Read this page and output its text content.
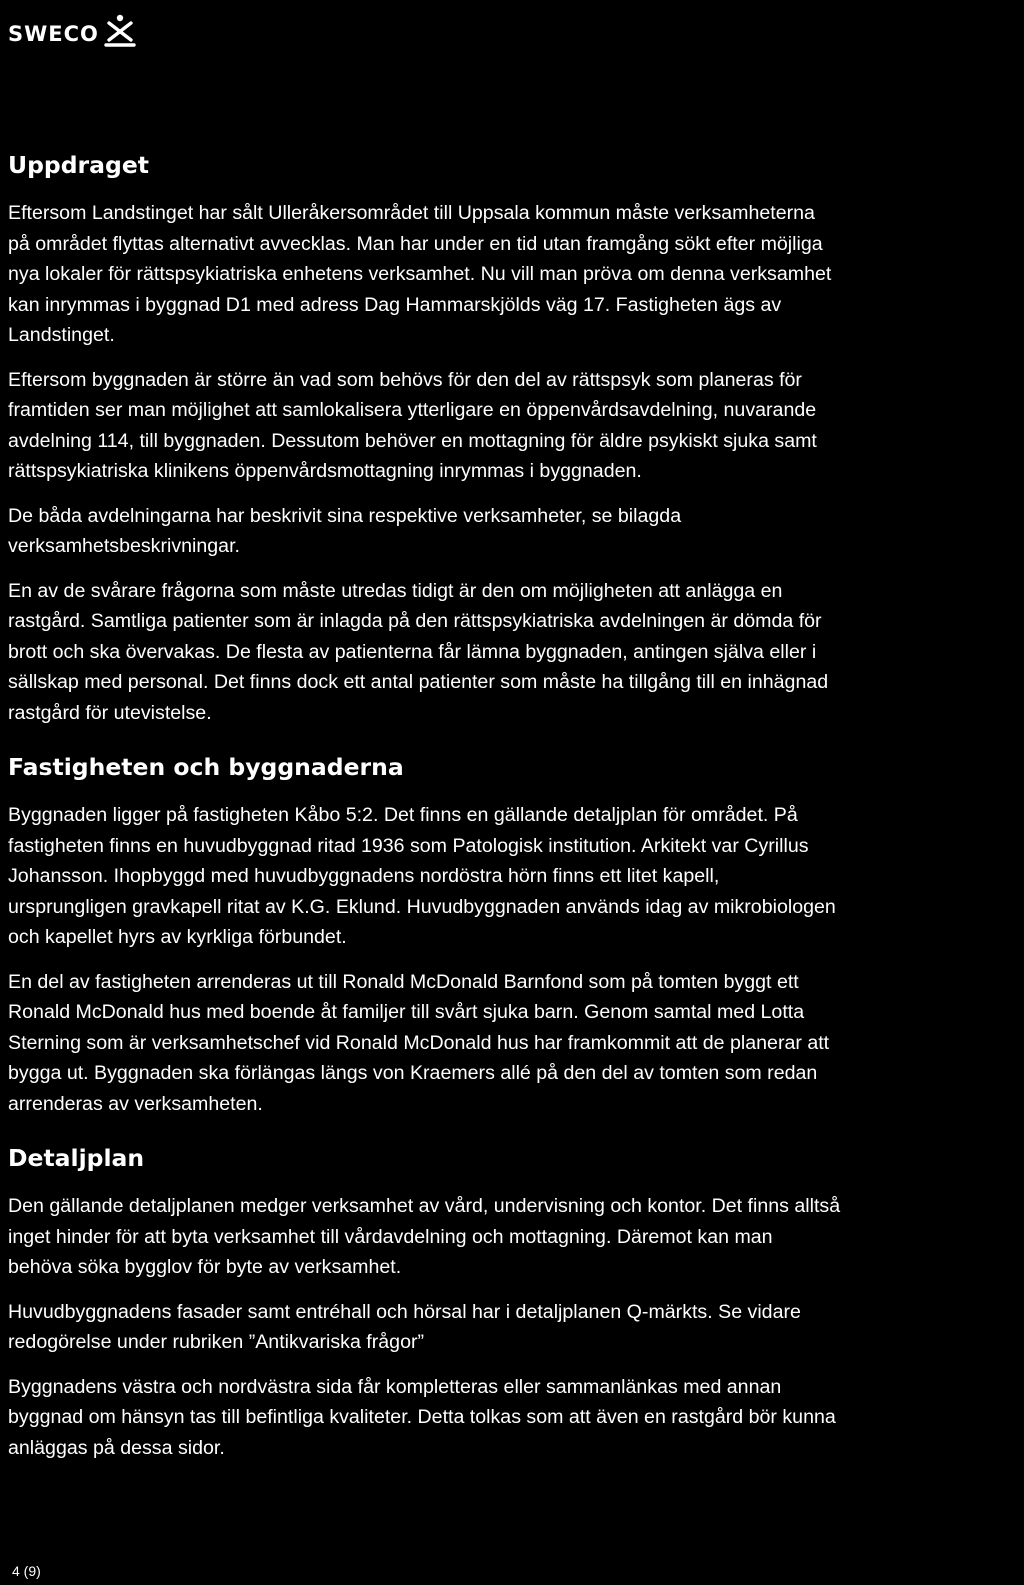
SWECO
Uppdraget

Eftersom Landstinget har sålt Ulleråkersområdet till Uppsala kommun måste verksamheterna
på området flyttas alternativt avvecklas. Man har under en tid utan framgång sökt efter möjliga
nya lokaler för rättspsykiatriska enhetens verksamhet. Nu vill man pröva om denna verksamhet
kan inrymmas i byggnad D1 med adress Dag Hammarskjölds väg 17. Fastigheten ägs av
Landstinget.

Eftersom byggnaden är större än vad som behövs för den del av rättspsyk som planeras för
framtiden ser man möjlighet att samlokalisera ytterligare en öppenvårdsavdelning, nuvarande
avdelning 114, till byggnaden. Dessutom behöver en mottagning för äldre psykiskt sjuka samt
rättspsykiatriska klinikens öppenvårdsmottagning inrymmas i byggnaden.

De båda avdelningarna har beskrivit sina respektive verksamheter, se bilagda
verksamhetsbeskrivningar.

En av de svårare frågorna som måste utredas tidigt är den om möjligheten att anlägga en
rastgård. Samtliga patienter som är inlagda på den rättspsykiatriska avdelningen är dömda för
brott och ska övervakas. De flesta av patienterna får lämna byggnaden, antingen själva eller i
sällskap med personal. Det finns dock ett antal patienter som måste ha tillgång till en inhägnad
rastgård för utevistelse.

Fastigheten och byggnaderna

Byggnaden ligger på fastigheten Kåbo 5:2. Det finns en gällande detaljplan för området. På
fastigheten finns en huvudbyggnad ritad 1936 som Patologisk institution. Arkitekt var Cyrillus
Johansson. Ihopbyggd med huvudbyggnadens nordöstra hörn finns ett litet kapell,
ursprungligen gravkapell ritat av K.G. Eklund. Huvudbyggnaden används idag av mikrobiologen
och kapellet hyrs av kyrkliga förbundet.

En del av fastigheten arrenderas ut till Ronald McDonald Barnfond som på tomten byggt ett
Ronald McDonald hus med boende åt familjer till svårt sjuka barn. Genom samtal med Lotta
Sterning som är verksamhetschef vid Ronald McDonald hus har framkommit att de planerar att
bygga ut. Byggnaden ska förlängas längs von Kraemers allé på den del av tomten som redan
arrenderas av verksamheten.

Detaljplan

Den gällande detaljplanen medger verksamhet av vård, undervisning och kontor. Det finns alltså
inget hinder för att byta verksamhet till vårdavdelning och mottagning. Däremot kan man
behöva söka bygglov för byte av verksamhet.

Huvudbyggnadens fasader samt entréhall och hörsal har i detaljplanen Q-märkts. Se vidare
redogörelse under rubriken ”Antikvariska frågor”

Byggnadens västra och nordvästra sida får kompletteras eller sammanlänkas med annan
byggnad om hänsyn tas till befintliga kvaliteter. Detta tolkas som att även en rastgård bör kunna
anläggas på dessa sidor.

4 (9)
